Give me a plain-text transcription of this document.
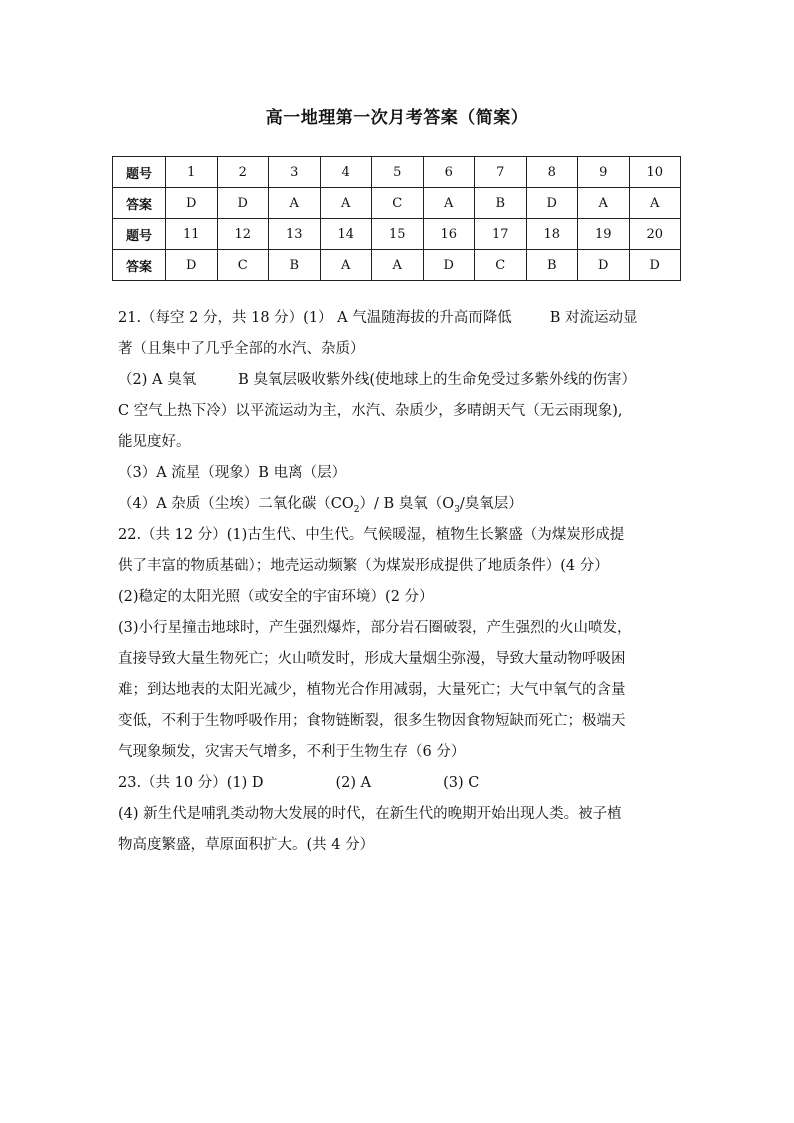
高一地理第一次月考答案（简案）
题号	1	2	3	4	5	6	7	8	9	10
答案	D	D	A	A	C	A	B	D	A	A
题号	11	12	13	14	15	16	17	18	19	20
答案	D	C	B	A	A	D	C	B	D	D
21.（每空 2 分，共 18 分）(1） A 气温随海拔的升高而降低	B 对流运动显
著（且集中了几乎全部的水汽、杂质）
（2) A 臭氧	B 臭氧层吸收紫外线(使地球上的生命免受过多紫外线的伤害）
C 空气上热下冷）以平流运动为主，水汽、杂质少，多晴朗天气（无云雨现象),
能见度好。
（3）A 流星（现象）B 电离（层）
（4）A 杂质（尘埃）二氧化碳$(CO_2)/$ B 臭氧（$O_3/$臭氧层）
22.（共 12 分）(1)古生代、中生代。气候暖湿，植物生长繁盛（为煤炭形成提
供了丰富的物质基础）；地壳运动频繁（为煤炭形成提供了地质条件）(4 分）
(2)稳定的太阳光照（或安全的宇宙环境）(2 分）
(3)小行星撞击地球时，产生强烈爆炸，部分岩石圈破裂，产生强烈的火山喷发，
直接导致大量生物死亡；火山喷发时，形成大量烟尘弥漫，导致大量动物呼吸困
难；到达地表的太阳光减少，植物光合作用减弱，大量死亡；大气中氧气的含量
变低，不利于生物呼吸作用；食物链断裂，很多生物因食物短缺而死亡；极端天
气现象频发，灾害天气增多，不利于生物生存（6 分）
23.（共 10 分）(1) D	(2) A	(3) C
(4) 新生代是哺乳类动物大发展的时代，在新生代的晚期开始出现人类。被子植
物高度繁盛，草原面积扩大。(共 4 分）
